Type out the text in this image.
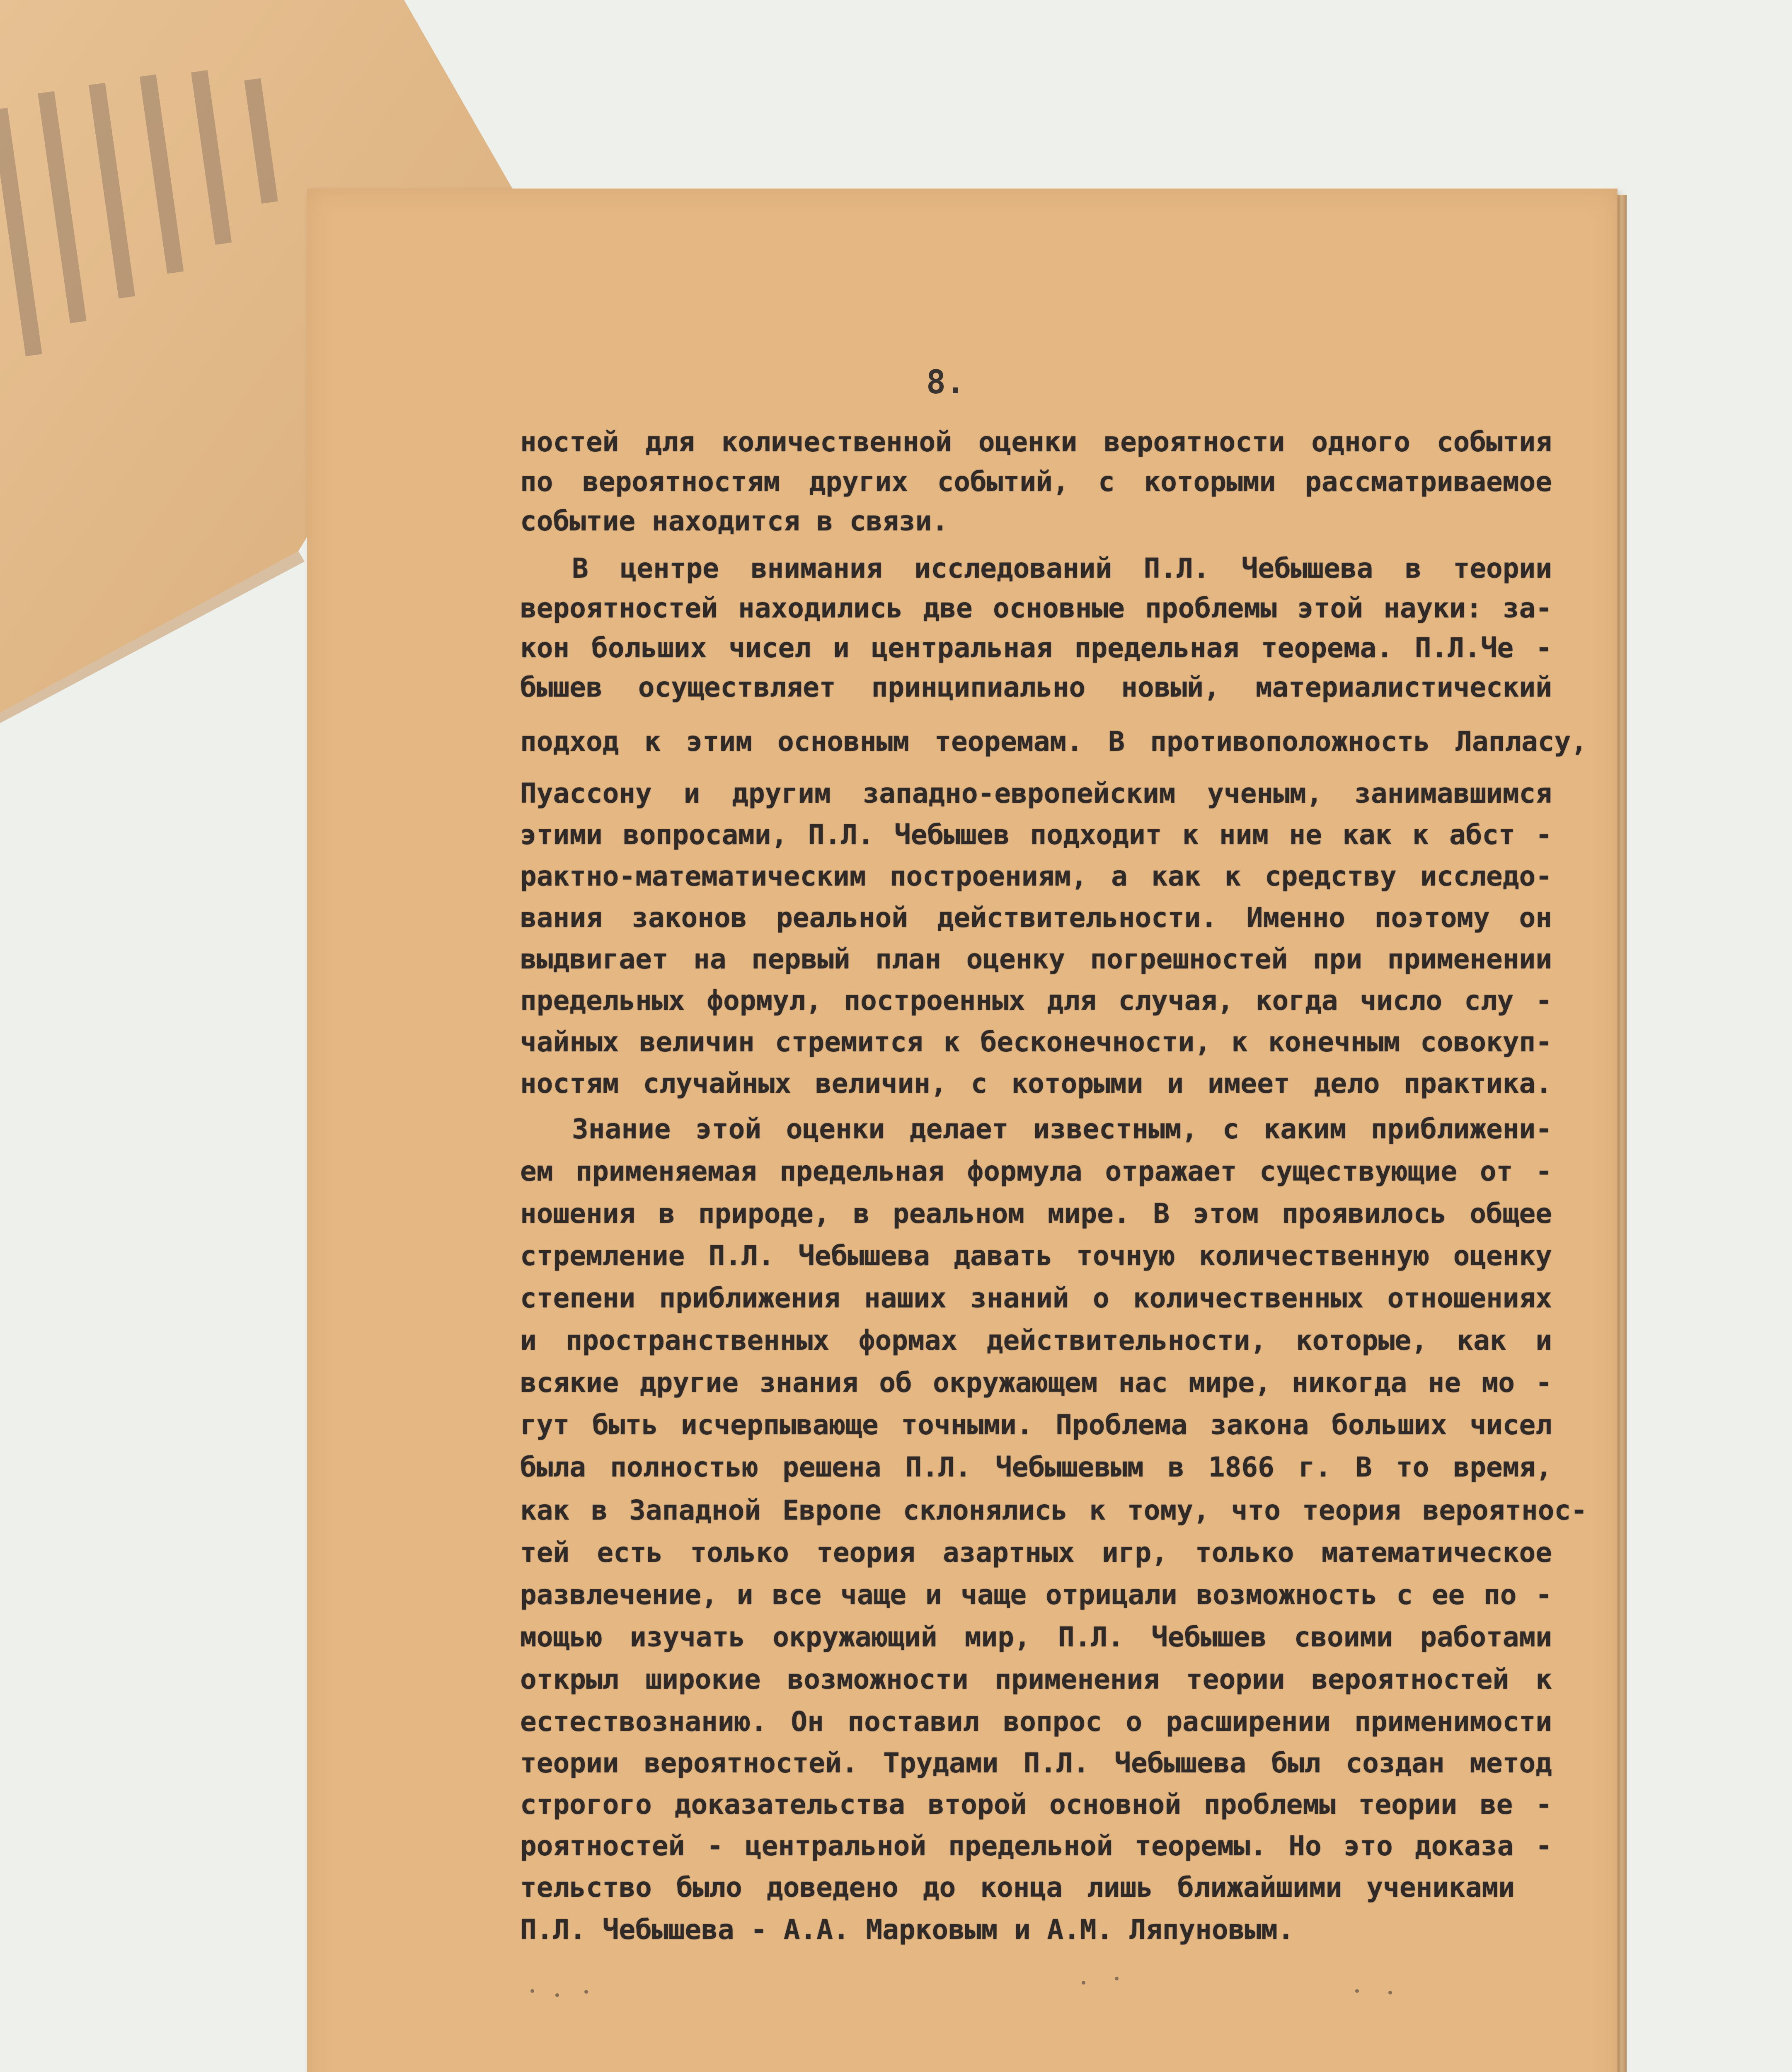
8.
ностей для количественной оценки вероятности одного события
по вероятностям других событий, с которыми рассматриваемое
событие находится в связи.
В центре внимания исследований П.Л. Чебышева в теории
вероятностей находились две основные проблемы этой науки: за-
кон больших чисел и центральная предельная теорема. П.Л.Че -
бышев осуществляет принципиально новый, материалистический
подход к этим основным теоремам. В противоположность Лапласу,
Пуассону и другим западно-европейским ученым, занимавшимся
этими вопросами, П.Л. Чебышев подходит к ним не как к абст -
рактно-математическим построениям, а как к средству исследо-
вания законов реальной действительности. Именно поэтому он
выдвигает на первый план оценку погрешностей при применении
предельных формул, построенных для случая, когда число слу -
чайных величин стремится к бесконечности, к конечным совокуп-
ностям случайных величин, с которыми и имеет дело практика.
Знание этой оценки делает известным, с каким приближени-
ем применяемая предельная формула отражает существующие от -
ношения в природе, в реальном мире. В этом проявилось общее
стремление П.Л. Чебышева давать точную количественную оценку
степени приближения наших знаний о количественных отношениях
и пространственных формах действительности, которые, как и
всякие другие знания об окружающем нас мире, никогда не мо -
гут быть исчерпывающе точными. Проблема закона больших чисел
была полностью решена П.Л. Чебышевым в 1866 г. В то время,
как в Западной Европе склонялись к тому, что теория вероятнос-
тей есть только теория азартных игр, только математическое
развлечение, и все чаще и чаще отрицали возможность с ее по -
мощью изучать окружающий мир, П.Л. Чебышев своими работами
открыл широкие возможности применения теории вероятностей к
естествознанию. Он поставил вопрос о расширении применимости
теории вероятностей. Трудами П.Л. Чебышева был создан метод
строгого доказательства второй основной проблемы теории ве -
роятностей - центральной предельной теоремы. Но это доказа -
тельство было доведено до конца лишь ближайшими учениками
П.Л. Чебышева - А.А. Марковым и А.М. Ляпуновым.
